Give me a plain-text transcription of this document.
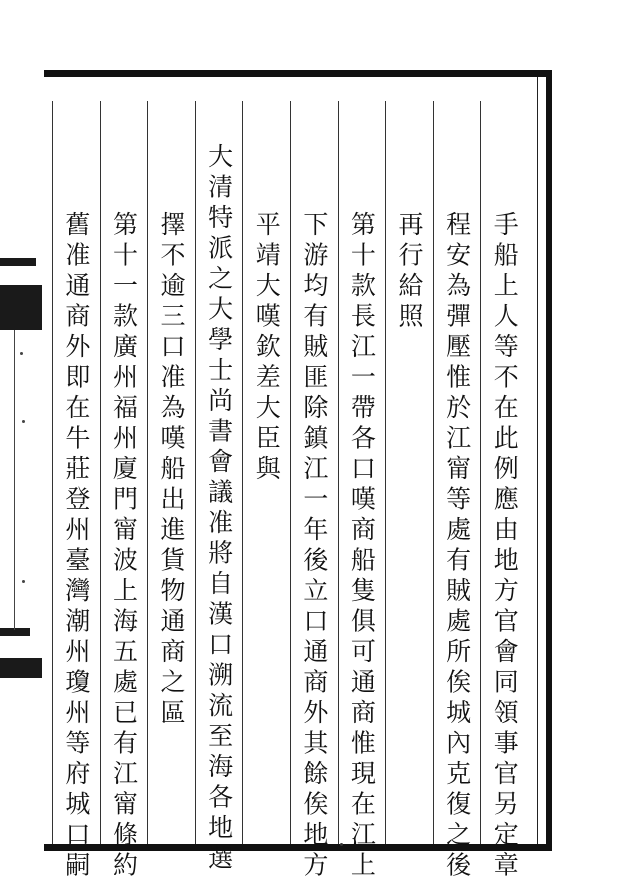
手船上人等不在此例應由地方官會同領事官另定章
程安為彈壓惟於江甯等處有賊處所俟城內克復之後
再行給照
第十款長江一帶各口嘆商船隻俱可通商惟現在江上
下游均有賊匪除鎮江一年後立口通商外其餘俟地方
平靖大嘆欽差大臣與
大清特派之大學士尚書會議准將自漢口溯流至海各地選
擇不逾三口准為嘆船出進貨物通商之區
第十一款廣州福州廈門甯波上海五處已有江甯條約
舊准通商外即在牛莊登州臺灣潮州瓊州等府城口嗣
